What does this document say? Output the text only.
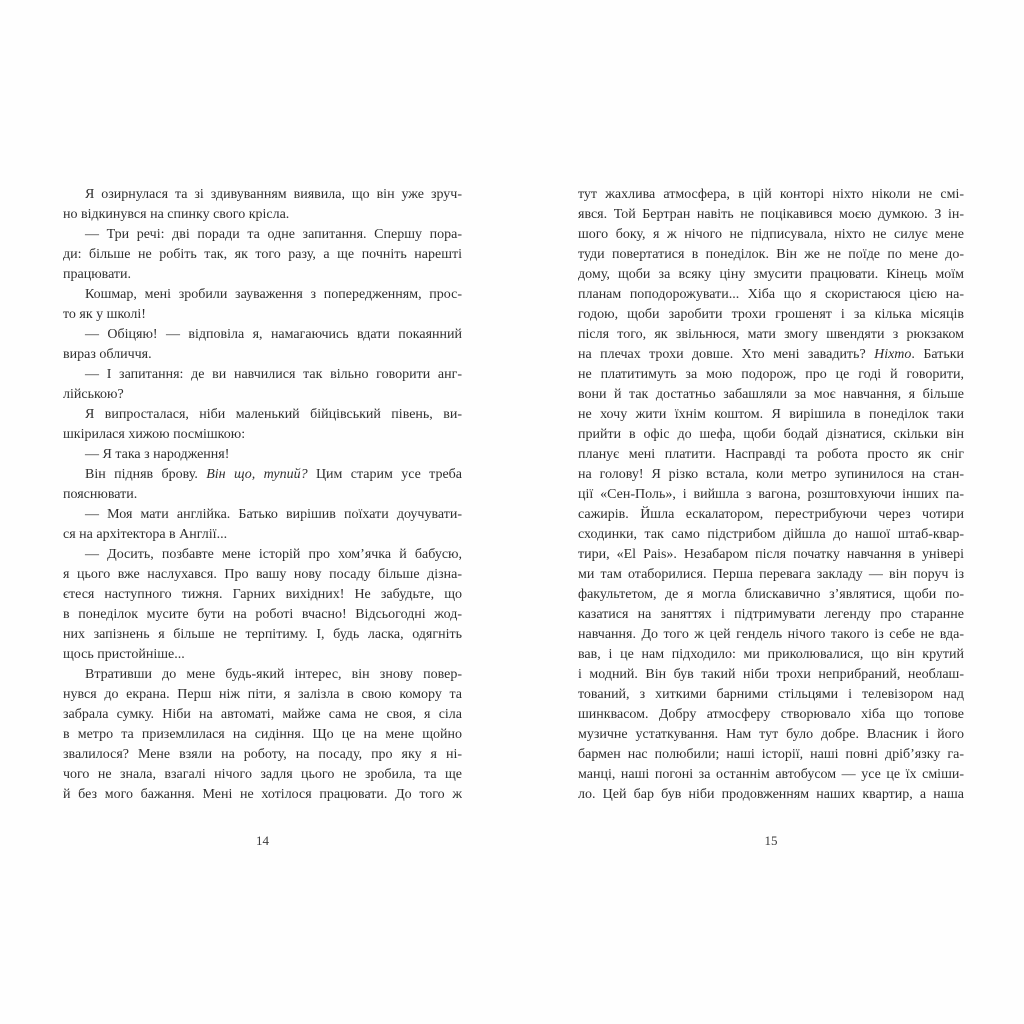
Я озирнулася та зі здивуванням виявила, що він уже зруч-
но відкинувся на спинку свого крісла.
— Три речі: дві поради та одне запитання. Спершу пора-
ди: більше не робіть так, як того разу, а ще почніть нарешті
працювати.
Кошмар, мені зробили зауваження з попередженням, прос-
то як у школі!
— Обіцяю! — відповіла я, намагаючись вдати покаянний
вираз обличчя.
— І запитання: де ви навчилися так вільно говорити анг-
лійською?
Я випросталася, ніби маленький бійцівський півень, ви-
шкірилася хижою посмішкою:
— Я така з народження!
Він підняв брову. Він що, тупий? Цим старим усе треба
пояснювати.
— Моя мати англійка. Батько вирішив поїхати доучувати-
ся на архітектора в Англії...
— Досить, позбавте мене історій про хом’ячка й бабусю,
я цього вже наслухався. Про вашу нову посаду більше дізна-
єтеся наступного тижня. Гарних вихідних! Не забудьте, що
в понеділок мусите бути на роботі вчасно! Відсьогодні жод-
них запізнень я більше не терпітиму. І, будь ласка, одягніть
щось пристойніше...
Втративши до мене будь-який інтерес, він знову повер-
нувся до екрана. Перш ніж піти, я залізла в свою комору та
забрала сумку. Ніби на автоматі, майже сама не своя, я сіла
в метро та приземлилася на сидіння. Що це на мене щойно
звалилося? Мене взяли на роботу, на посаду, про яку я ні-
чого не знала, взагалі нічого задля цього не зробила, та ще
й без мого бажання. Мені не хотілося працювати. До того ж
14
тут жахлива атмосфера, в цій конторі ніхто ніколи не смі-
явся. Той Бертран навіть не поцікавився моєю думкою. З ін-
шого боку, я ж нічого не підписувала, ніхто не силує мене
туди повертатися в понеділок. Він же не поїде по мене до-
дому, щоби за всяку ціну змусити працювати. Кінець моїм
планам поподорожувати... Хіба що я скористаюся цією на-
годою, щоби заробити трохи грошенят і за кілька місяців
після того, як звільнюся, мати змогу швендяти з рюкзаком
на плечах трохи довше. Хто мені завадить? Ніхто. Батьки
не платитимуть за мою подорож, про це годі й говорити,
вони й так достатньо забашляли за моє навчання, я більше
не хочу жити їхнім коштом. Я вирішила в понеділок таки
прийти в офіс до шефа, щоби бодай дізнатися, скільки він
планує мені платити. Насправді та робота просто як сніг
на голову! Я різко встала, коли метро зупинилося на стан-
ції «Сен-Поль», і вийшла з вагона, розштовхуючи інших па-
сажирів. Йшла ескалатором, перестрибуючи через чотири
сходинки, так само підстрибом дійшла до нашої штаб-квар-
тири, «El Pais». Незабаром після початку навчання в універі
ми там отаборилися. Перша перевага закладу — він поруч із
факультетом, де я могла блискавично з’являтися, щоби по-
казатися на заняттях і підтримувати легенду про старанне
навчання. До того ж цей гендель нічого такого із себе не вда-
вав, і це нам підходило: ми приколювалися, що він крутий
і модний. Він був такий ніби трохи неприбраний, необлаш-
тований, з хиткими барними стільцями і телевізором над
шинквасом. Добру атмосферу створювало хіба що топове
музичне устаткування. Нам тут було добре. Власник і його
бармен нас полюбили; наші історії, наші повні дріб’язку га-
манці, наші погоні за останнім автобусом — усе це їх сміши-
ло. Цей бар був ніби продовженням наших квартир, а наша
15
